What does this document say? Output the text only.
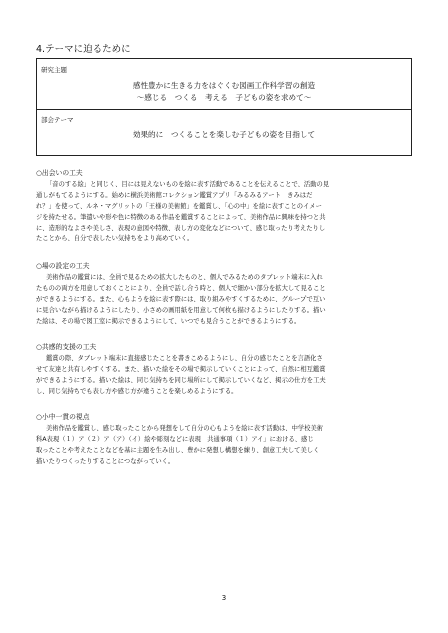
4.テーマに迫るために
研究主題
感性豊かに生きる力をはぐくむ図画工作科学習の創造
～感じる　つくる　考える　子どもの姿を求めて～
部会テーマ
効果的に　つくることを楽しむ子どもの姿を目指して
○出会いの工夫
「音のする絵」と同じく、目には見えないものを絵に表す活動であることを伝えることで、活動の見
通しがもてるようにする。始めに横浜美術館コレクション鑑賞アプリ「みるみるアート　きみはだ
れ？」を使って、ルネ・マグリットの「王様の美術館」を鑑賞し、「心の中」を絵に表すことのイメー
ジを持たせる。筆遣いや形や色に特徴のある作品を鑑賞することによって、美術作品に興味を持つと共
に、造形的なよさや美しさ、表現の意図や特徴、表し方の変化などについて、感じ取ったり考えたりし
たことから、自分で表したい気持ちをより高めていく。
○場の設定の工夫
美術作品の鑑賞には、全員で見るための拡大したものと、個人でみるためのタブレット端末に入れ
たものの両方を用意しておくことにより、全員で話し合う時と、個人で細かい部分を拡大して見ること
ができるようにする。また、心もようを絵に表す際には、取り組みやすくするために、グループで互い
に見合いながら描けるようにしたり、小さめの画用紙を用意して何枚も描けるようにしたりする。描い
た絵は、その場で図工室に掲示できるようにして、いつでも見合うことができるようにする。
○共感的支援の工夫
鑑賞の際、タブレット端末に直接感じたことを書きこめるようにし、自分の感じたことを言語化さ
せて友達と共有しやすくする。また、描いた絵をその場で掲示していくことによって、自然に相互鑑賞
ができるようにする。描いた絵は、同じ気持ちを同じ場所にして掲示していくなど、掲示の仕方を工夫
し、同じ気持ちでも表し方や感じ方が違うことを楽しめるようにする。
○小中一貫の視点
美術作品を鑑賞し、感じ取ったことから発想をして自分の心もようを絵に表す活動は、中学校美術
科A表現（１）ア（２）ア（ア）（イ）絵や彫刻などに表現　共通事項（１）アイ」における、感じ
取ったことや考えたことなどを基に主題を生み出し、豊かに発想し構想を練り、創意工夫して美しく
描いたりつくったりすることにつながっていく。
3
